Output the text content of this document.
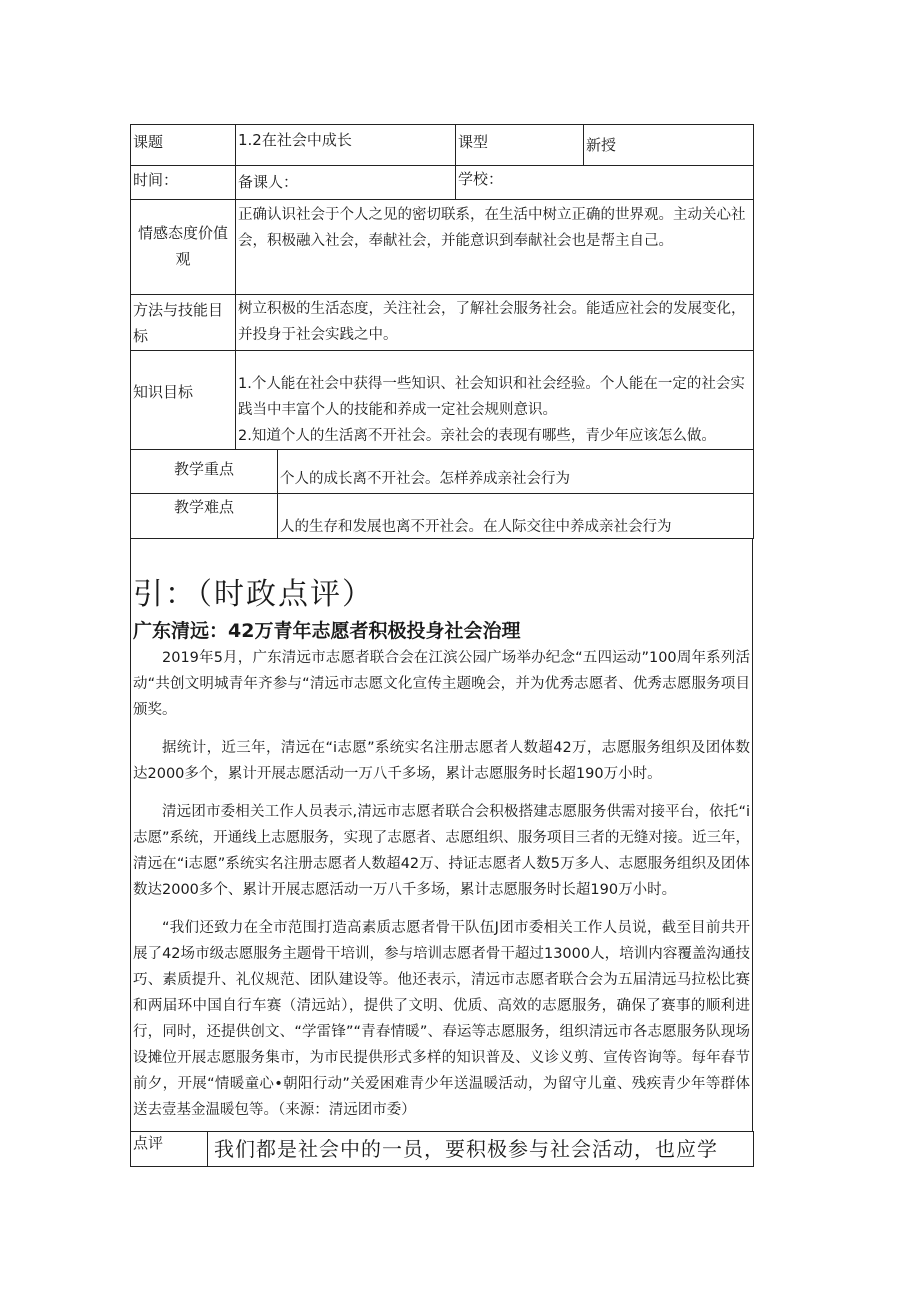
课题	1.2在社会中成长		课型	新授
时间：	备课人：		学校：	
情感态度价值观	正确认识社会于个人之见的密切联系，在生活中树立正确的世界观。主动关心社会，积极融入社会，奉献社会，并能意识到奉献社会也是帮主自己。			
方法与技能目标	树立积极的生活态度，关注社会，了解社会服务社会。能适应社会的发展变化，并投身于社会实践之中。			
知识目标	1.个人能在社会中获得一些知识、社会知识和社会经验。个人能在一定的社会实践当中丰富个人的技能和养成一定社会规则意识。
2.知道个人的生活离不开社会。亲社会的表现有哪些，青少年应该怎么做。			

教学重点		个人的成长离不开社会。怎样养成亲社会行为		
教学难点		人的生存和发展也离不开社会。在人际交往中养成亲社会行为		
引：（时政点评）
广东清远：42万青年志愿者积极投身社会治理

2019年5月，广东清远市志愿者联合会在江滨公园广场举办纪念“五四运动”100周年系列活动“共创文明城青年齐参与“清远市志愿文化宣传主题晚会，并为优秀志愿者、优秀志愿服务项目颁奖。

据统计，近三年，清远在“i志愿”系统实名注册志愿者人数超42万，志愿服务组织及团体数达2000多个，累计开展志愿活动一万八千多场，累计志愿服务时长超190万小时。

清远团市委相关工作人员表示,清远市志愿者联合会积极搭建志愿服务供需对接平台，依托“i志愿”系统，开通线上志愿服务，实现了志愿者、志愿组织、服务项目三者的无缝对接。近三年，清远在“i志愿”系统实名注册志愿者人数超42万、持证志愿者人数5万多人、志愿服务组织及团体数达2000多个、累计开展志愿活动一万八千多场，累计志愿服务时长超190万小时。

“我们还致力在全市范围打造高素质志愿者骨干队伍J团市委相关工作人员说，截至目前共开展了42场市级志愿服务主题骨干培训，参与培训志愿者骨干超过13000人，培训内容覆盖沟通技巧、素质提升、礼仪规范、团队建设等。他还表示，清远市志愿者联合会为五届清远马拉松比赛和两届环中国自行车赛（清远站），提供了文明、优质、高效的志愿服务，确保了赛事的顺利进行，同时，还提供创文、“学雷锋”“青春情暖”、春运等志愿服务，组织清远市各志愿服务队现场设摊位开展志愿服务集市，为市民提供形式多样的知识普及、义诊义剪、宣传咨询等。每年春节前夕，开展“情暖童心•朝阳行动”关爱困难青少年送温暖活动，为留守儿童、残疾青少年等群体送去壹基金温暖包等。（来源：清远团市委）

点评	我们都是社会中的一员，要积极参与社会活动，也应学
